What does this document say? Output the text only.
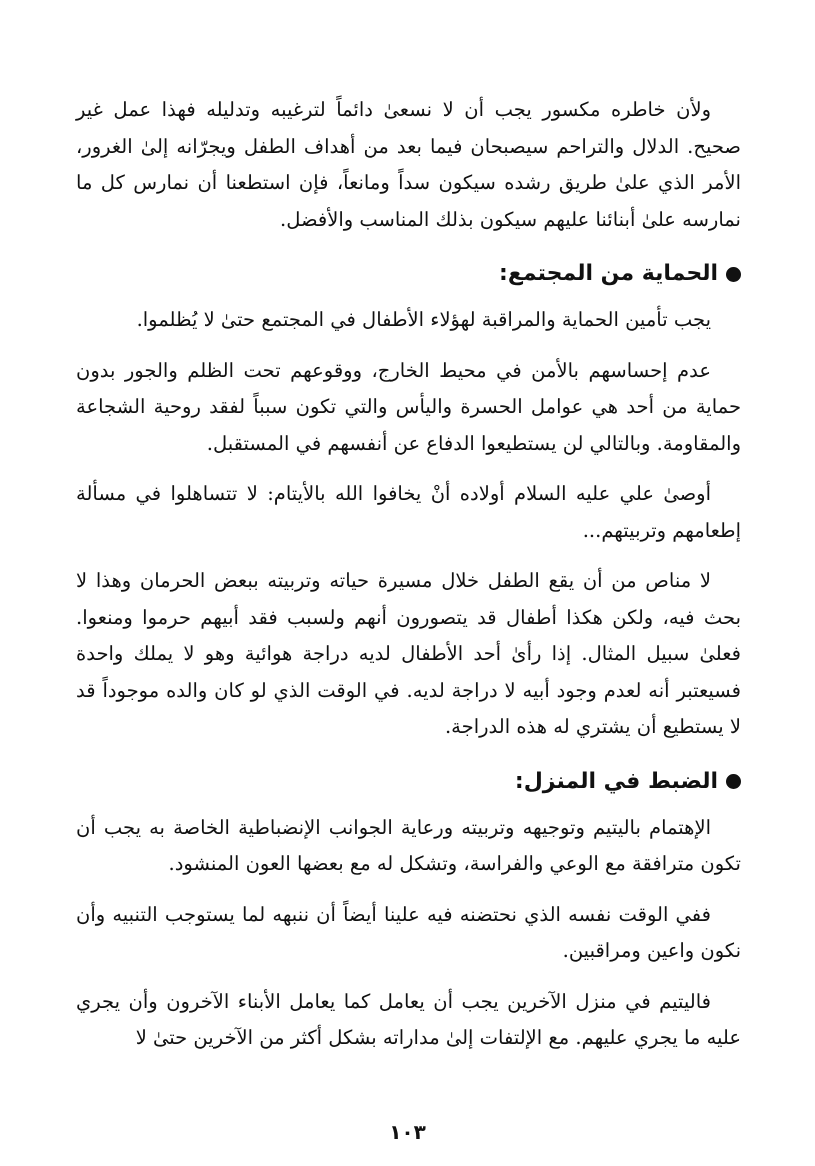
ولأن خاطره مكسور يجب أن لا نسعىٰ دائماً لترغيبه وتدليله فهذا عمل غير صحيح. الدلال والتراحم سيصبحان فيما بعد من أهداف الطفل ويجرّانه إلىٰ الغرور، الأمر الذي علىٰ طريق رشده سيكون سداً ومانعاً، فإن استطعنا أن نمارس كل ما نمارسه علىٰ أبنائنا عليهم سيكون بذلك المناسب والأفضل.

الحماية من المجتمع:

يجب تأمين الحماية والمراقبة لهؤلاء الأطفال في المجتمع حتىٰ لا يُظلموا.

عدم إحساسهم بالأمن في محيط الخارج، ووقوعهم تحت الظلم والجور بدون حماية من أحد هي عوامل الحسرة واليأس والتي تكون سبباً لفقد روحية الشجاعة والمقاومة. وبالتالي لن يستطيعوا الدفاع عن أنفسهم في المستقبل.

أوصىٰ علي عليه السلام أولاده أنْ يخافوا الله بالأيتام: لا تتساهلوا في مسألة إطعامهم وتربيتهم...

لا مناص من أن يقع الطفل خلال مسيرة حياته وتربيته ببعض الحرمان وهذا لا بحث فيه، ولكن هكذا أطفال قد يتصورون أنهم ولسبب فقد أبيهم حرموا ومنعوا. فعلىٰ سبيل المثال. إذا رأىٰ أحد الأطفال لديه دراجة هوائية وهو لا يملك واحدة فسيعتبر أنه لعدم وجود أبيه لا دراجة لديه. في الوقت الذي لو كان والده موجوداً قد لا يستطيع أن يشتري له هذه الدراجة.

الضبط في المنزل:

الإهتمام باليتيم وتوجيهه وتربيته ورعاية الجوانب الإنضباطية الخاصة به يجب أن تكون مترافقة مع الوعي والفراسة، وتشكل له مع بعضها العون المنشود.

ففي الوقت نفسه الذي نحتضنه فيه علينا أيضاً أن ننبهه لما يستوجب التنبيه وأن نكون واعين ومراقبين.

فاليتيم في منزل الآخرين يجب أن يعامل كما يعامل الأبناء الآخرون وأن يجري عليه ما يجري عليهم. مع الإلتفات إلىٰ مداراته بشكل أكثر من الآخرين حتىٰ لا

١٠٣
